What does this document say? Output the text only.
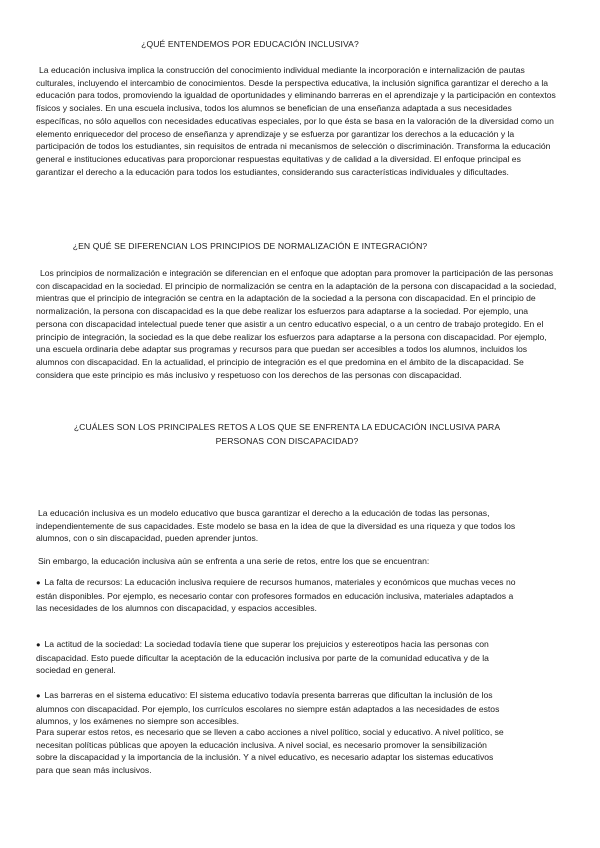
¿QUÉ ENTENDEMOS POR EDUCACIÓN INCLUSIVA?

La educación inclusiva implica la construcción del conocimiento individual mediante la incorporación e internalización de pautas culturales, incluyendo el intercambio de conocimientos. Desde la perspectiva educativa, la inclusión significa garantizar el derecho a la educación para todos, promoviendo la igualdad de oportunidades y eliminando barreras en el aprendizaje y la participación en contextos físicos y sociales. En una escuela inclusiva, todos los alumnos se benefician de una enseñanza adaptada a sus necesidades específicas, no sólo aquellos con necesidades educativas especiales, por lo que ésta se basa en la valoración de la diversidad como un elemento enriquecedor del proceso de enseñanza y aprendizaje y se esfuerza por garantizar los derechos a la educación y la participación de todos los estudiantes, sin requisitos de entrada ni mecanismos de selección o discriminación. Transforma la educación general e instituciones educativas para proporcionar respuestas equitativas y de calidad a la diversidad. El enfoque principal es garantizar el derecho a la educación para todos los estudiantes, considerando sus características individuales y dificultades.

¿EN QUÉ SE DIFERENCIAN LOS PRINCIPIOS DE NORMALIZACIÓN E INTEGRACIÓN?

Los principios de normalización e integración se diferencian en el enfoque que adoptan para promover la participación de las personas con discapacidad en la sociedad. El principio de normalización se centra en la adaptación de la persona con discapacidad a la sociedad, mientras que el principio de integración se centra en la adaptación de la sociedad a la persona con discapacidad. En el principio de normalización, la persona con discapacidad es la que debe realizar los esfuerzos para adaptarse a la sociedad. Por ejemplo, una persona con discapacidad intelectual puede tener que asistir a un centro educativo especial, o a un centro de trabajo protegido. En el principio de integración, la sociedad es la que debe realizar los esfuerzos para adaptarse a la persona con discapacidad. Por ejemplo, una escuela ordinaria debe adaptar sus programas y recursos para que puedan ser accesibles a todos los alumnos, incluidos los alumnos con discapacidad. En la actualidad, el principio de integración es el que predomina en el ámbito de la discapacidad. Se considera que este principio es más inclusivo y respetuoso con los derechos de las personas con discapacidad.

¿CUÁLES SON LOS PRINCIPALES RETOS A LOS QUE SE ENFRENTA LA EDUCACIÓN INCLUSIVA PARA PERSONAS CON DISCAPACIDAD?

La educación inclusiva es un modelo educativo que busca garantizar el derecho a la educación de todas las personas, independientemente de sus capacidades. Este modelo se basa en la idea de que la diversidad es una riqueza y que todos los alumnos, con o sin discapacidad, pueden aprender juntos.

Sin embargo, la educación inclusiva aún se enfrenta a una serie de retos, entre los que se encuentran:

● La falta de recursos: La educación inclusiva requiere de recursos humanos, materiales y económicos que muchas veces no están disponibles. Por ejemplo, es necesario contar con profesores formados en educación inclusiva, materiales adaptados a las necesidades de los alumnos con discapacidad, y espacios accesibles.

● La actitud de la sociedad: La sociedad todavía tiene que superar los prejuicios y estereotipos hacia las personas con discapacidad. Esto puede dificultar la aceptación de la educación inclusiva por parte de la comunidad educativa y de la sociedad en general.

● Las barreras en el sistema educativo: El sistema educativo todavía presenta barreras que dificultan la inclusión de los alumnos con discapacidad. Por ejemplo, los currículos escolares no siempre están adaptados a las necesidades de estos alumnos, y los exámenes no siempre son accesibles.

Para superar estos retos, es necesario que se lleven a cabo acciones a nivel político, social y educativo. A nivel político, se necesitan políticas públicas que apoyen la educación inclusiva. A nivel social, es necesario promover la sensibilización sobre la discapacidad y la importancia de la inclusión. Y a nivel educativo, es necesario adaptar los sistemas educativos para que sean más inclusivos.
